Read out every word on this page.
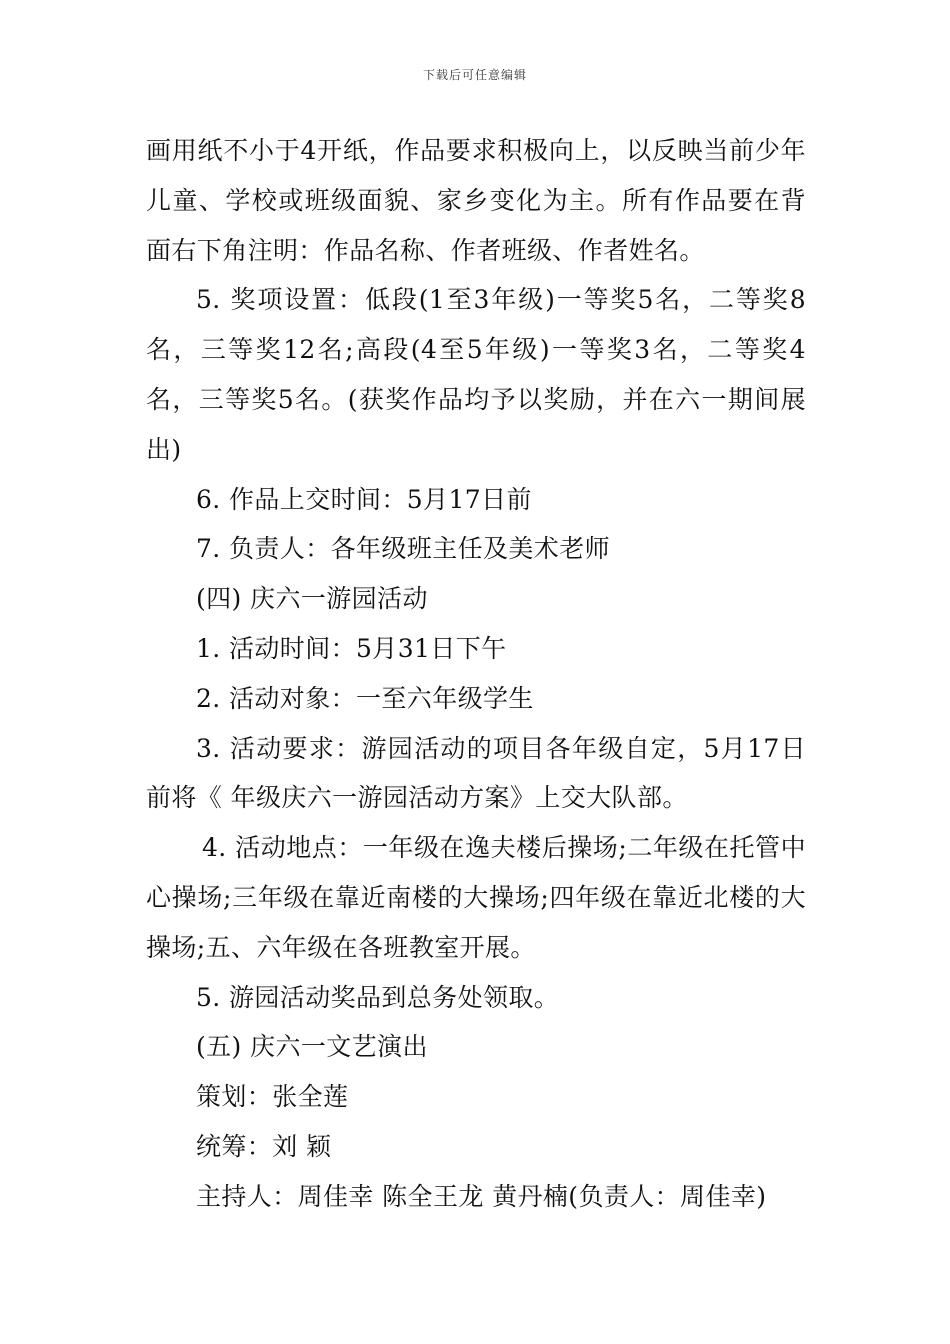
下载后可任意编辑

画用纸不小于4开纸，作品要求积极向上，以反映当前少年儿童、学校或班级面貌、家乡变化为主。所有作品要在背面右下角注明：作品名称、作者班级、作者姓名。

5. 奖项设置：低段(1至3年级)一等奖5名，二等奖8名，三等奖12名;高段(4至5年级)一等奖3名，二等奖4名，三等奖5名。(获奖作品均予以奖励，并在六一期间展出)

6. 作品上交时间：5月17日前

7. 负责人：各年级班主任及美术老师

(四) 庆六一游园活动

1. 活动时间：5月31日下午

2. 活动对象：一至六年级学生

3. 活动要求：游园活动的项目各年级自定，5月17日前将《 年级庆六一游园活动方案》上交大队部。

4. 活动地点：一年级在逸夫楼后操场;二年级在托管中心操场;三年级在靠近南楼的大操场;四年级在靠近北楼的大操场;五、六年级在各班教室开展。

5. 游园活动奖品到总务处领取。

(五) 庆六一文艺演出

策划：张全莲

统筹：刘 颖

主持人：周佳幸 陈全王龙 黄丹楠(负责人：周佳幸)
